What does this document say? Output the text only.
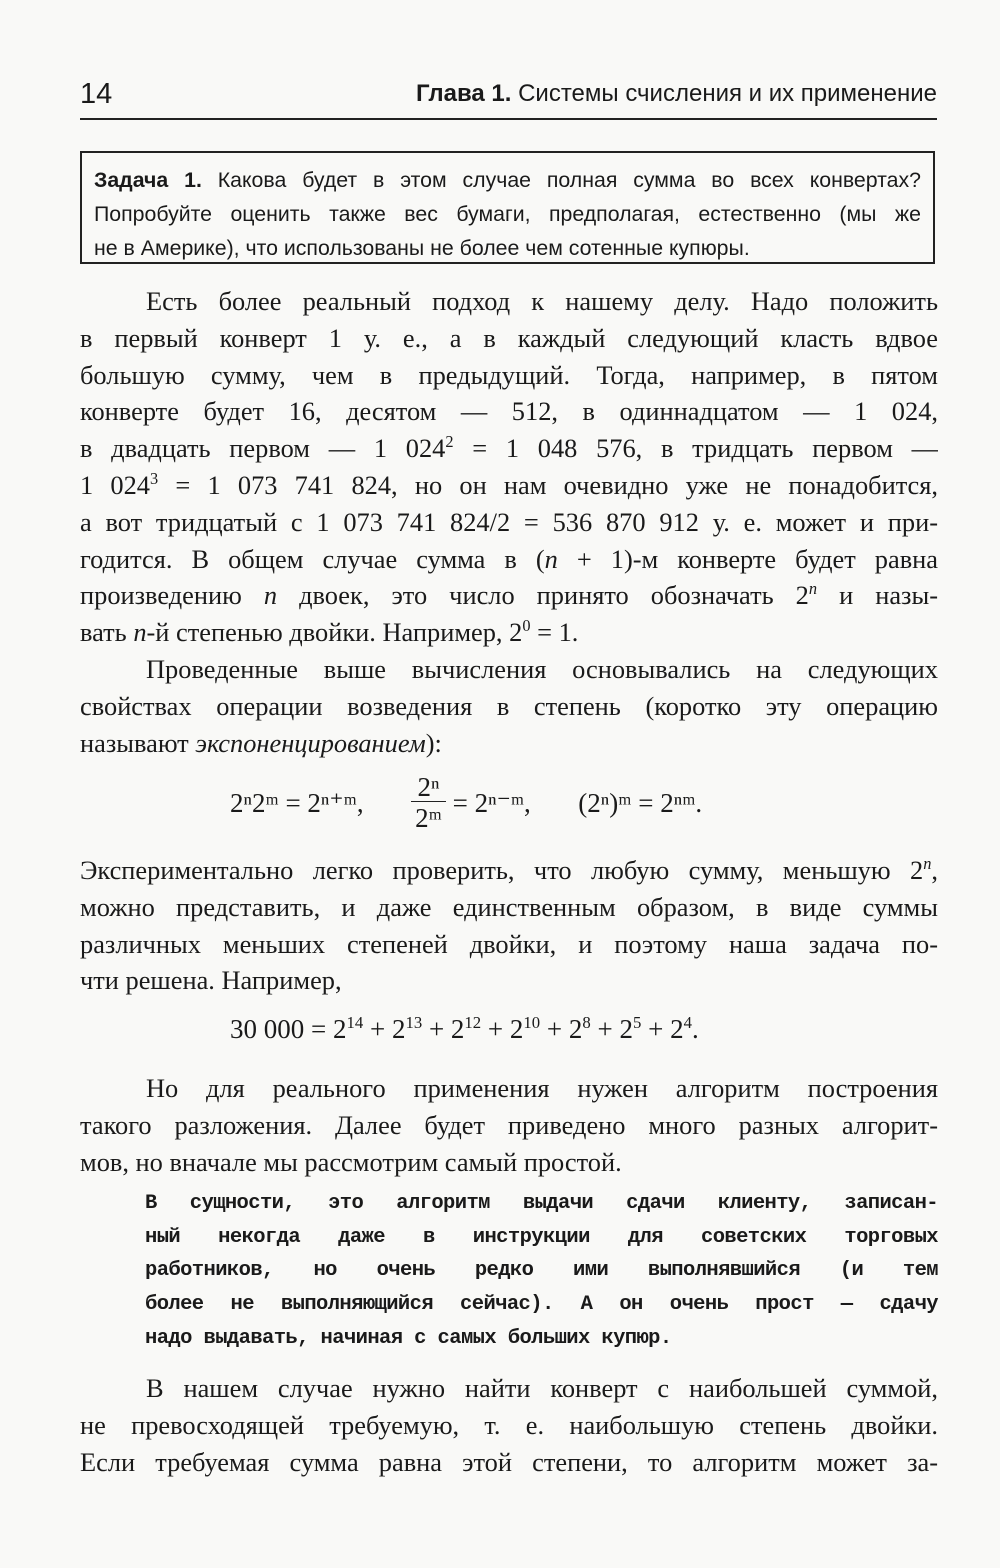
14	Глава 1. Системы счисления и их применение
Задача 1. Какова будет в этом случае полная сумма во всех конвертах?
Попробуйте оценить также вес бумаги, предполагая, естественно (мы же
не в Америке), что использованы не более чем сотенные купюры.
Есть более реальный подход к нашему делу. Надо положить
в первый конверт 1 у. е., а в каждый следующий класть вдвое
большую сумму, чем в предыдущий. Тогда, например, в пятом
конверте будет 16, десятом — 512, в одиннадцатом — 1 024,
в двадцать первом — 1 $024^2 = 1$ 048 576, в тридцать первом —
1 $024^3 = 1$ 073 741 824, но он нам очевидно уже не понадобится,
а вот тридцатый с 1 073 741 824/2 = 536 870 912 у. е. может и при-
годится. В общем случае сумма в (n + 1)-м конверте будет равна
произведению n двоек, это число принято обозначать 2$^n$ и назы-
вать n-й степенью двойки. Например, $2^0 = 1$.
Проведенные выше вычисления основывались на следующих
свойствах операции возведения в степень (коротко эту операцию
называют экспоненцированием):
2ⁿ2ᵐ = 2ⁿ⁺ᵐ, $\frac{\text{2ⁿ}}{\text{2ᵐ}}$ = 2ⁿ⁻ᵐ, (2ⁿ)ᵐ = 2ⁿᵐ.
Экспериментально легко проверить, что любую сумму, меньшую 2$^n$,
можно представить, и даже единственным образом, в виде суммы
различных меньших степеней двойки, и поэтому наша задача по-
чти решена. Например,
30 $000 = 2^{14} + 2^{13} + 2^{12} + 2^{10} + 2^8 + 2^5 + 2^4$.
Но для реального применения нужен алгоритм построения
такого разложения. Далее будет приведено много разных алгорит-
мов, но вначале мы рассмотрим самый простой.
В сущности, это алгоритм выдачи сдачи клиенту, записан-
ный некогда даже в инструкции для советских торговых
работников, но очень редко ими выполнявшийся (и тем
более не выполняющийся сейчас). А он очень прост — сдачу
надо выдавать, начиная с самых больших купюр.
В нашем случае нужно найти конверт с наибольшей суммой,
не превосходящей требуемую, т. е. наибольшую степень двойки.
Если требуемая сумма равна этой степени, то алгоритм может за-
